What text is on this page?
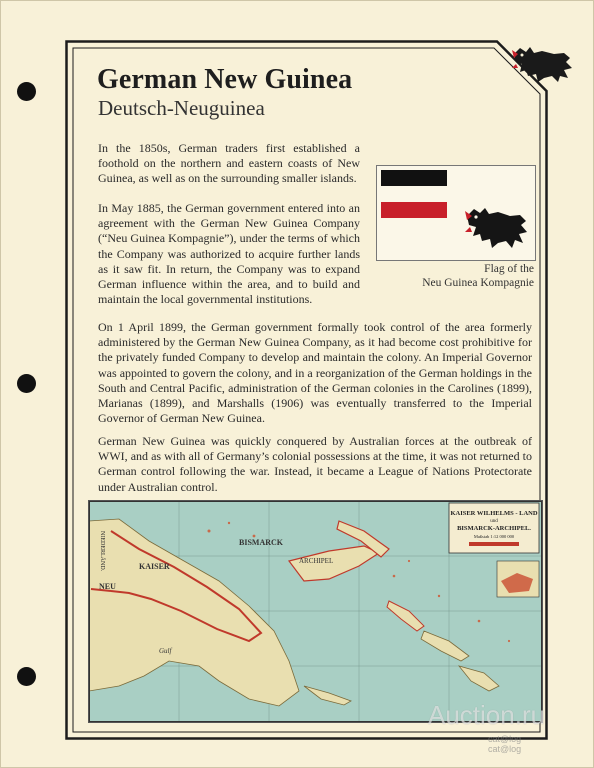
German New Guinea
Deutsch-Neuguinea
In the 1850s, German traders first established a foothold on the northern and eastern coasts of New Guinea, as well as on the surrounding smaller islands.
In May 1885, the German government entered into an agreement with the German New Guinea Company (“Neu Guinea Kompagnie”), under the terms of which the Company was authorized to acquire further lands as it saw fit. In return, the Company was to expand German influence within the area, and to build and maintain the local governmental institutions.
On 1 April 1899, the German government formally took control of the area formerly administered by the German New Guinea Company, as it had become cost prohibitive for the privately funded Company to develop and maintain the colony. An Imperial Governor was appointed to govern the colony, and in a reorganization of the German holdings in the South and Central Pacific, administration of the German colonies in the Carolines (1899), Marianas (1899), and Marshalls (1906) was eventually transferred to the Imperial Governor of German New Guinea.
German New Guinea was quickly conquered by Australian forces at the outbreak of WWI, and as with all of Germany’s colonial possessions at the time, it was not returned to German control following the war. Instead, it became a League of Nations Protectorate under Australian control.
Flag of the
Neu Guinea Kompagnie
KAISER WILHELMS - LAND
und
BISMARCK-ARCHIPEL.
Maßstab 1:12 000 000
BISMARCK
ARCHIPEL
KAISER
NEU
Gulf
NIEDERLÄND.
Auction.ru
cat@log
cat@log
